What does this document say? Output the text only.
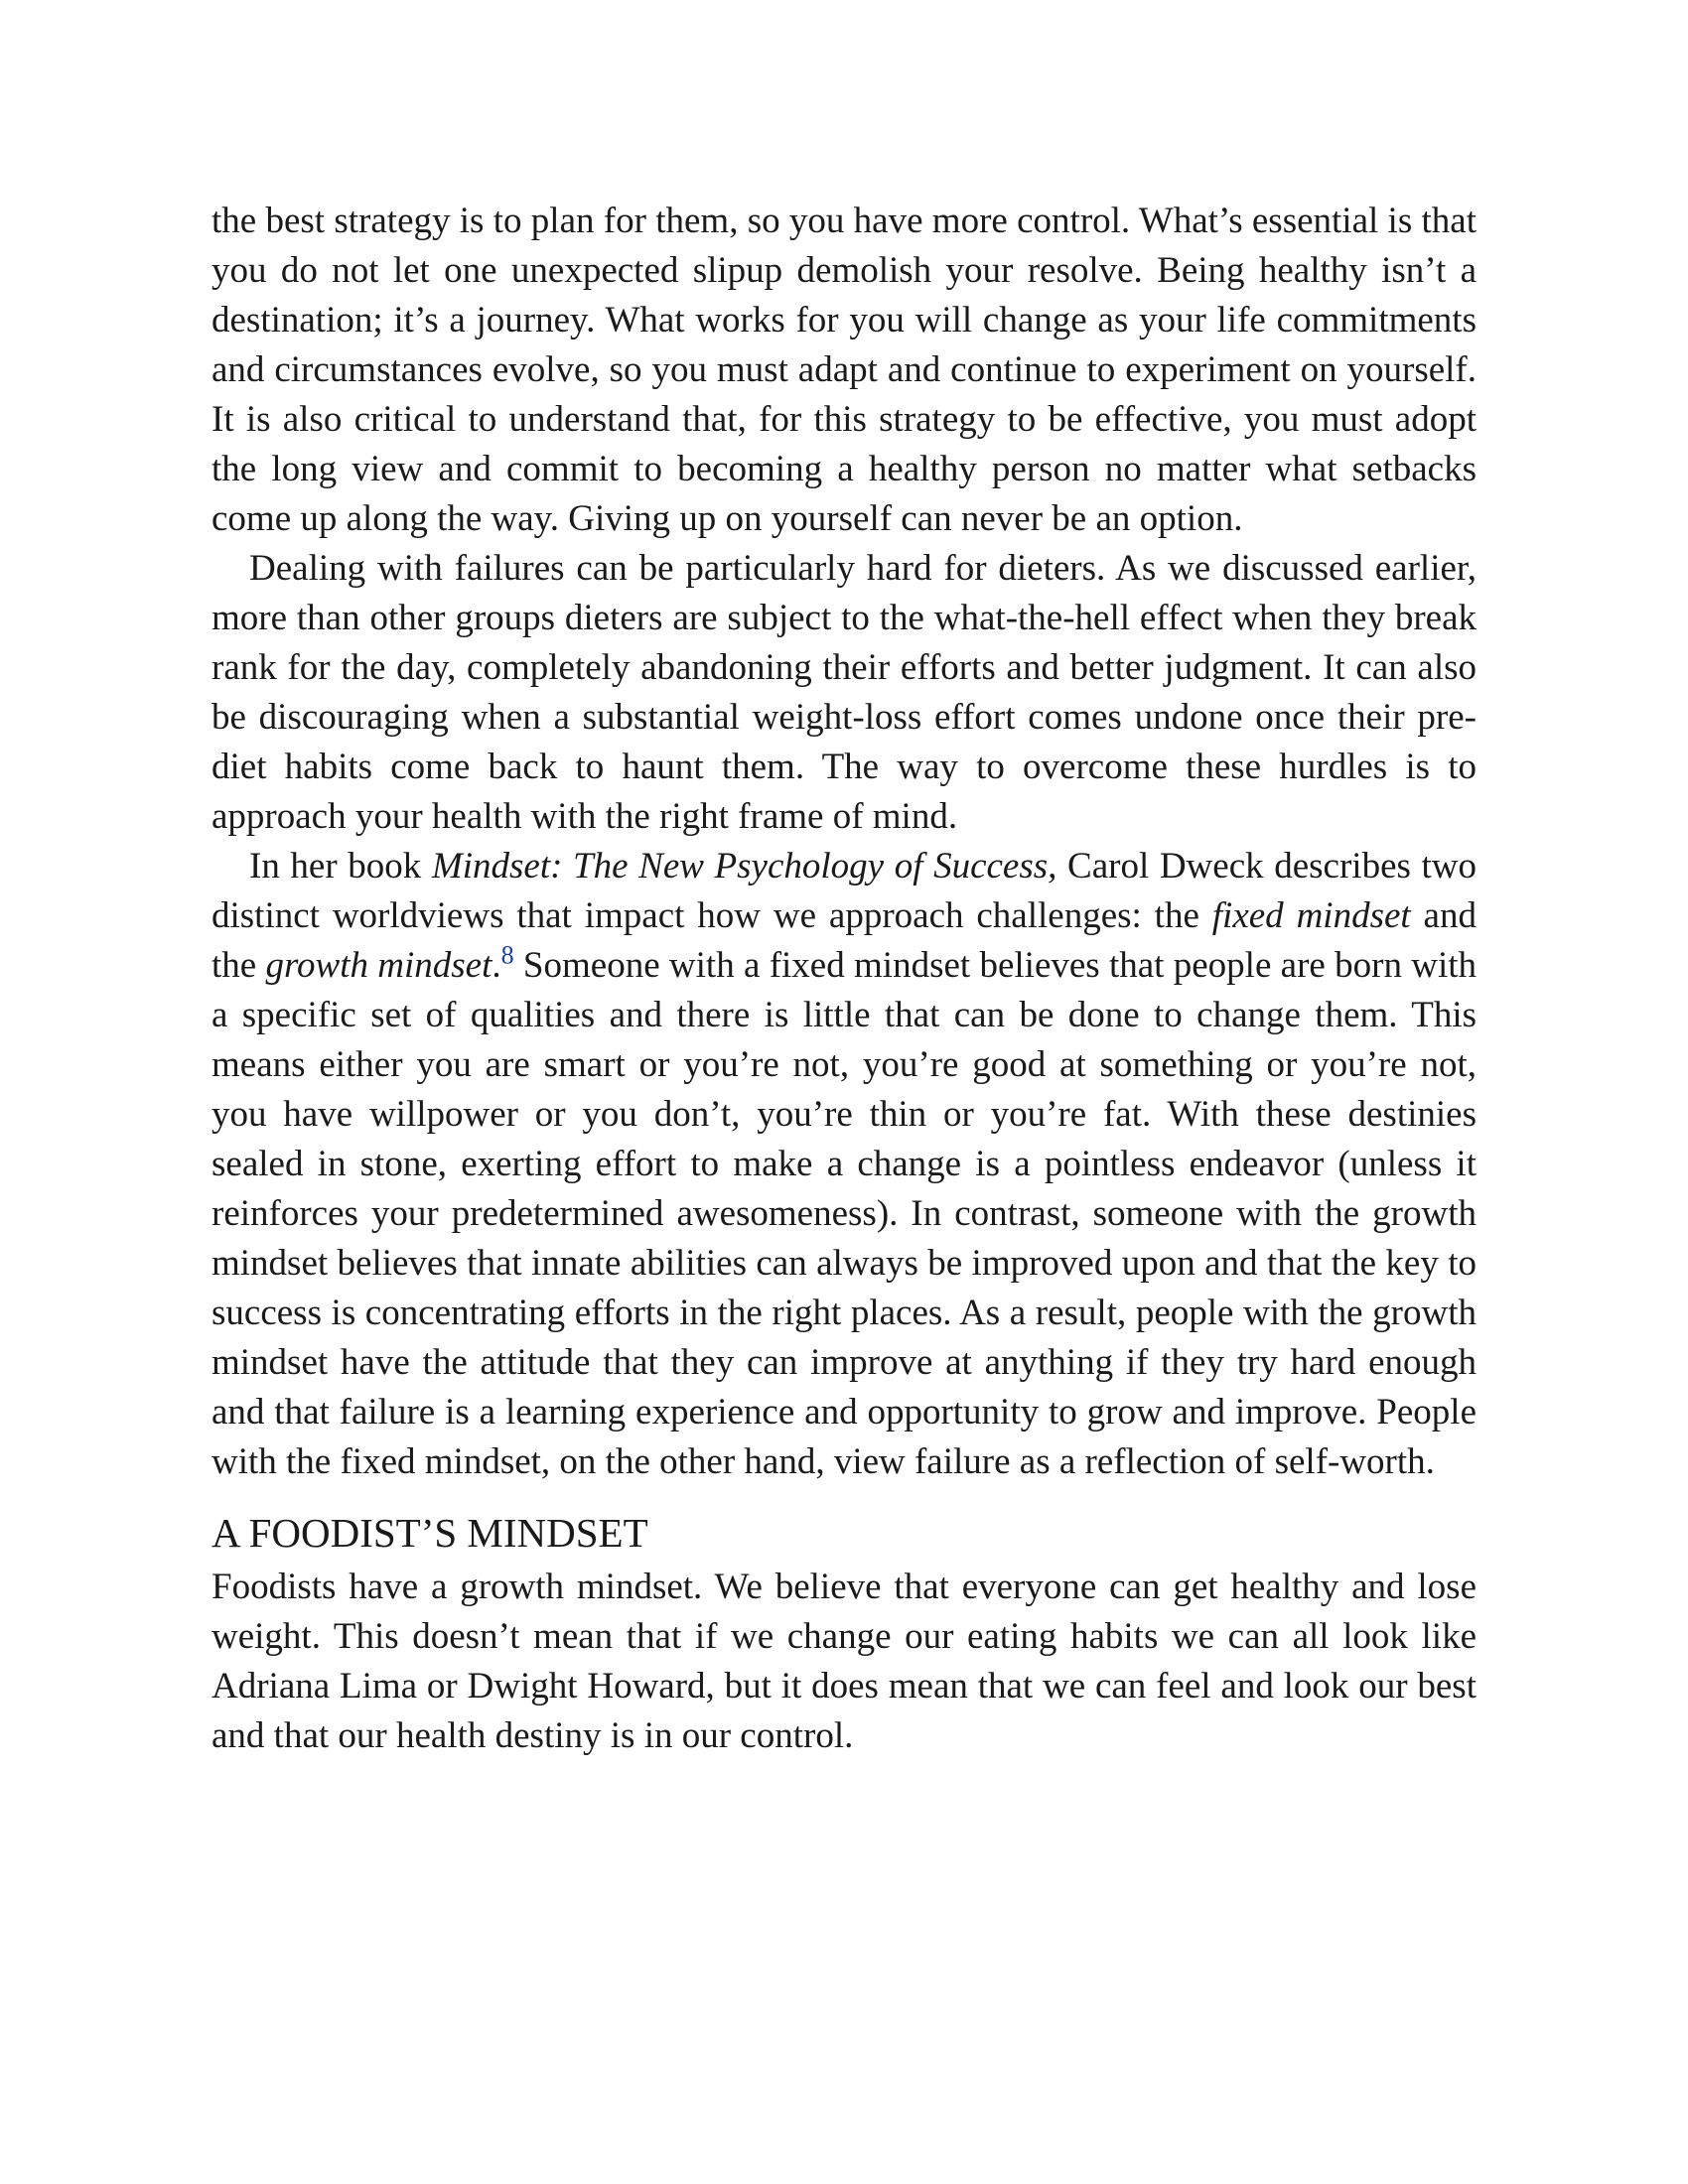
the best strategy is to plan for them, so you have more control. What’s essential is that you do not let one unexpected slipup demolish your resolve. Being healthy isn’t a destination; it’s a journey. What works for you will change as your life commitments and circumstances evolve, so you must adapt and continue to experiment on yourself. It is also critical to understand that, for this strategy to be effective, you must adopt the long view and commit to becoming a healthy person no matter what setbacks come up along the way. Giving up on yourself can never be an option.

Dealing with failures can be particularly hard for dieters. As we discussed earlier, more than other groups dieters are subject to the what-the-hell effect when they break rank for the day, completely abandoning their efforts and better judgment. It can also be discouraging when a substantial weight-loss effort comes undone once their pre-diet habits come back to haunt them. The way to overcome these hurdles is to approach your health with the right frame of mind.

In her book Mindset: The New Psychology of Success, Carol Dweck describes two distinct worldviews that impact how we approach challenges: the fixed mindset and the growth mindset.$^8$ Someone with a fixed mindset believes that people are born with a specific set of qualities and there is little that can be done to change them. This means either you are smart or you’re not, you’re good at something or you’re not, you have willpower or you don’t, you’re thin or you’re fat. With these destinies sealed in stone, exerting effort to make a change is a pointless endeavor (unless it reinforces your predetermined awesomeness). In contrast, someone with the growth mindset believes that innate abilities can always be improved upon and that the key to success is concentrating efforts in the right places. As a result, people with the growth mindset have the attitude that they can improve at anything if they try hard enough and that failure is a learning experience and opportunity to grow and improve. People with the fixed mindset, on the other hand, view failure as a reflection of self-worth.

A FOODIST’S MINDSET

Foodists have a growth mindset. We believe that everyone can get healthy and lose weight. This doesn’t mean that if we change our eating habits we can all look like Adriana Lima or Dwight Howard, but it does mean that we can feel and look our best and that our health destiny is in our control.
